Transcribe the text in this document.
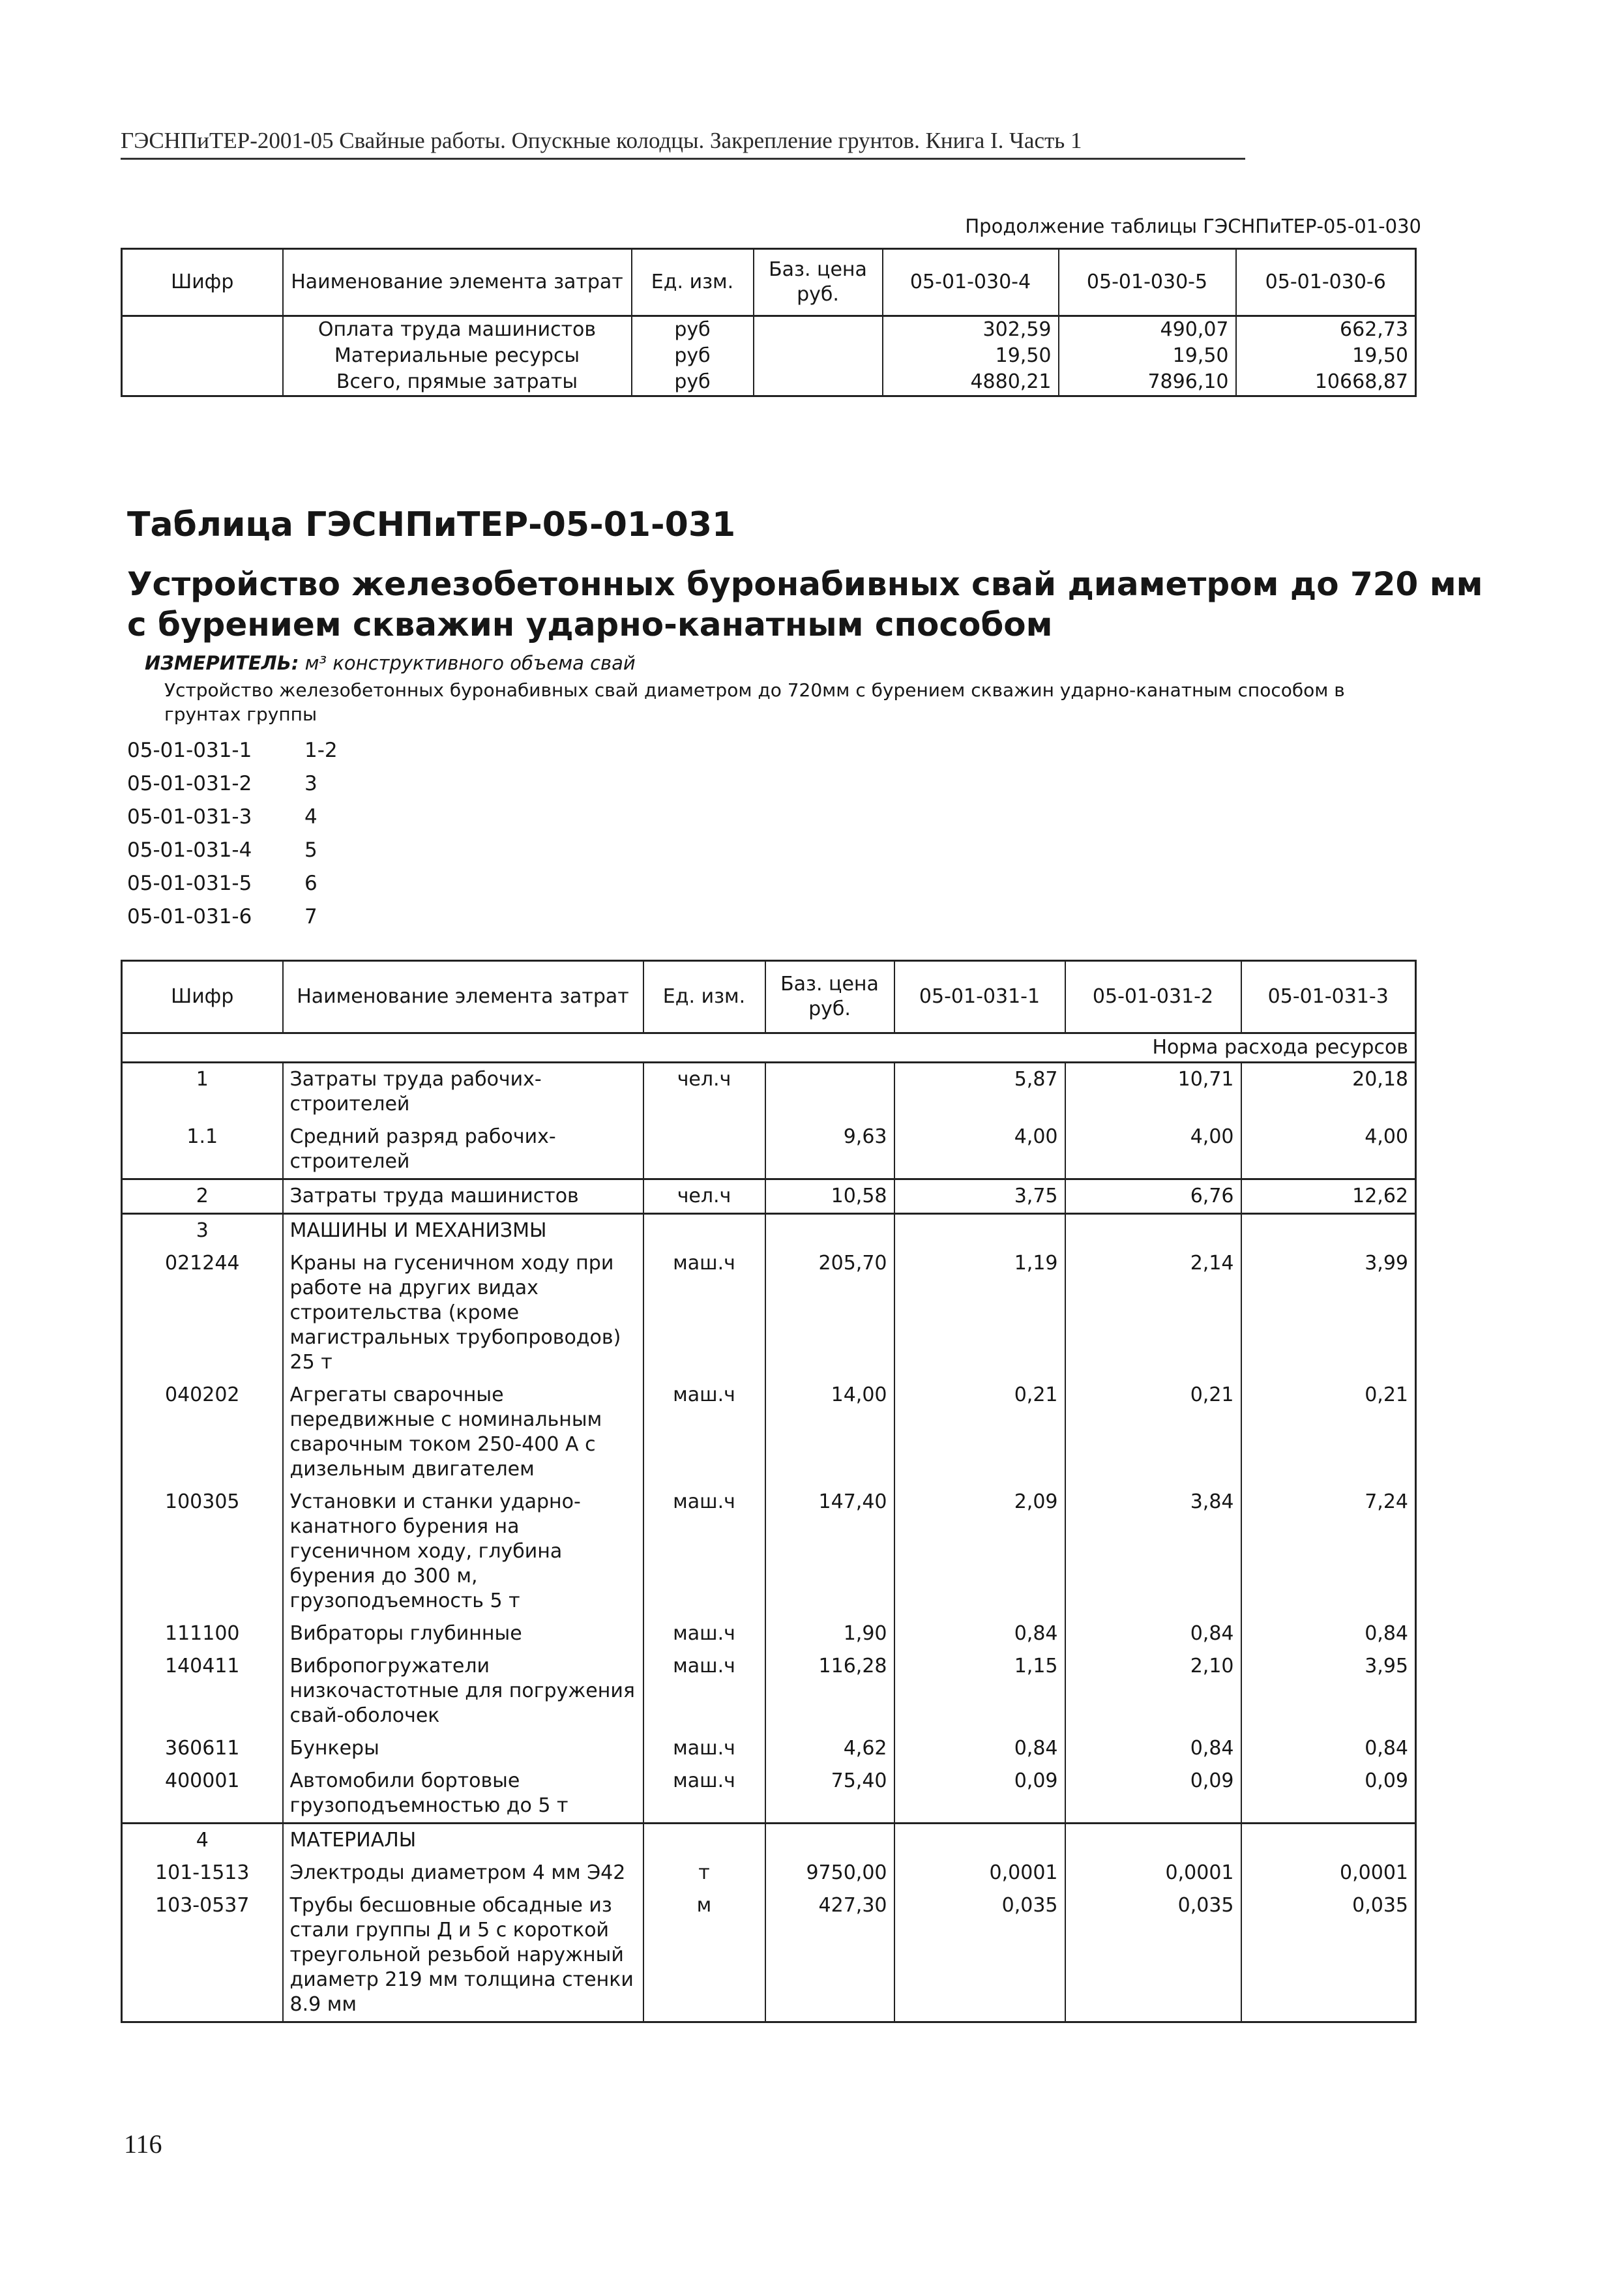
ГЭСНПиТЕР-2001-05 Свайные работы. Опускные колодцы. Закрепление грунтов. Книга I. Часть 1
Продолжение таблицы ГЭСНПиТЕР-05-01-030
Шифр	Наименование элемента затрат	Ед. изм.	Баз. цена руб.	05-01-030-4	05-01-030-5	05-01-030-6
	Оплата труда машинистов	руб		302,59	490,07	662,73
	Материальные ресурсы	руб		19,50	19,50	19,50
	Всего, прямые затраты	руб		4880,21	7896,10	10668,87
Таблица ГЭСНПиТЕР-05-01-031
Устройство железобетонных буронабивных свай диаметром до 720 мм с бурением скважин ударно-канатным способом
ИЗМЕРИТЕЛЬ: м³ конструктивного объема свай
Устройство железобетонных буронабивных свай диаметром до 720мм с бурением скважин ударно-канатным способом в грунтах группы
05-01-031-1	1-2
05-01-031-2	3
05-01-031-3	4
05-01-031-4	5
05-01-031-5	6
05-01-031-6	7
Шифр	Наименование элемента затрат	Ед. изм.	Баз. цена руб.	05-01-031-1	05-01-031-2	05-01-031-3
Норма расхода ресурсов						
1	Затраты труда рабочих-строителей	чел.ч		5,87	10,71	20,18
1.1	Средний разряд рабочих-строителей		9,63	4,00	4,00	4,00
2	Затраты труда машинистов	чел.ч	10,58	3,75	6,76	12,62
3	МАШИНЫ И МЕХАНИЗМЫ					
021244	Краны на гусеничном ходу при работе на других видах строительства (кроме магистральных трубопроводов) 25 т	маш.ч	205,70	1,19	2,14	3,99
040202	Агрегаты сварочные передвижные с номинальным сварочным током 250-400 А с дизельным двигателем	маш.ч	14,00	0,21	0,21	0,21
100305	Установки и станки ударно-канатного бурения на гусеничном ходу, глубина бурения до 300 м, грузоподъемность 5 т	маш.ч	147,40	2,09	3,84	7,24
111100	Вибраторы глубинные	маш.ч	1,90	0,84	0,84	0,84
140411	Вибропогружатели низкочастотные для погружения свай-оболочек	маш.ч	116,28	1,15	2,10	3,95
360611	Бункеры	маш.ч	4,62	0,84	0,84	0,84
400001	Автомобили бортовые грузоподъемностью до 5 т	маш.ч	75,40	0,09	0,09	0,09
4	МАТЕРИАЛЫ					
101-1513	Электроды диаметром 4 мм Э42	т	9750,00	0,0001	0,0001	0,0001
103-0537	Трубы бесшовные обсадные из стали группы Д и 5 с короткой треугольной резьбой наружный диаметр 219 мм толщина стенки 8.9 мм	м	427,30	0,035	0,035	0,035
116
